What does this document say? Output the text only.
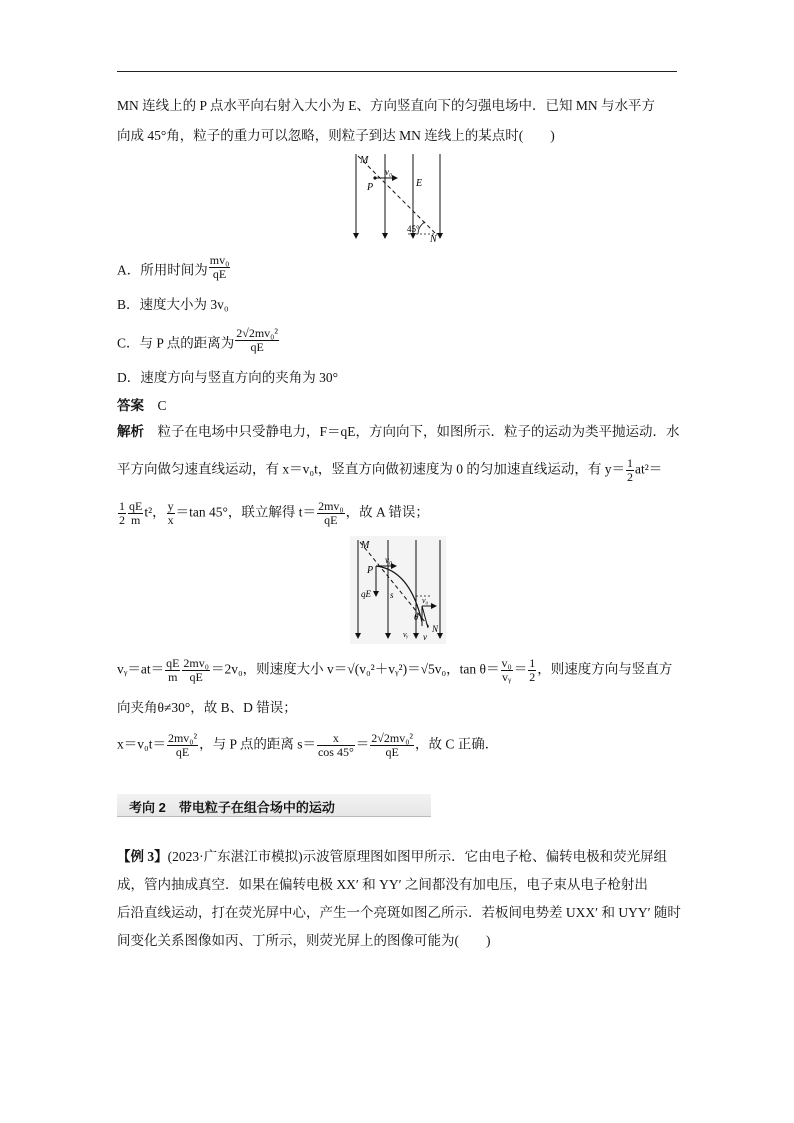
MN 连线上的 P 点水平向右射入大小为 E、方向竖直向下的匀强电场中．已知 MN 与水平方
向成 45°角，粒子的重力可以忽略，则粒子到达 MN 连线上的某点时(　　)
M
P
v₀
E
45°
N
A．所用时间为 $\frac{\text{mv₀}}{qE}$
B．速度大小为 3v₀
C．与 P 点的距离为 $\frac{\text{2√2mv₀²}}{qE}$
D．速度方向与竖直方向的夹角为 30°
答案　 C
解析　 粒子在电场中只受静电力，F＝qE，方向向下，如图所示．粒子的运动为类平抛运动．水
平方向做匀速直线运动，有 x＝v₀t，竖直方向做初速度为 0 的匀加速直线运动，有 $y= \frac{1}{2} at^2=$
$\frac{1}{2} \frac{qE}{m} t^2$， $\frac{y}{x} =\tan$ 45°，联立解得 $t= \frac{\text{2mv₀}}{qE}$ ，故 A 错误；
M
P
v₀
qE s
v₀
θ
vᵧ v
N
vᵧ＝at＝ $\frac{qE}{m} \frac{\text{2mv₀}}{qE} =2v_0$，则速度大小 v＝√(v₀²＋vᵧ²)＝√5v₀，$\tan \theta= \frac{\text{v₀}}{\text{vᵧ}} = \frac{1}{2}$ ，则速度方向与竖直方
向夹角θ≠30°，故 B、D 错误；
$x=v_0t= \frac{\text{2mv₀²}}{qE}$ ，与 P 点的距离 $s= \frac{x}{\cos 45^\circ} = \frac{\text{2√2mv₀²}}{qE}$ ，故 C 正确．
考向 2　带电粒子在组合场中的运动
【例 3】(2023·广东湛江市模拟)示波管原理图如图甲所示．它由电子枪、偏转电极和荧光屏组
成，管内抽成真空．如果在偏转电极 XX′ 和 YY′ 之间都没有加电压，电子束从电子枪射出
后沿直线运动，打在荧光屏中心，产生一个亮斑如图乙所示．若板间电势差 UXX′ 和 UYY′ 随时
间变化关系图像如丙、丁所示，则荧光屏上的图像可能为(　　)
